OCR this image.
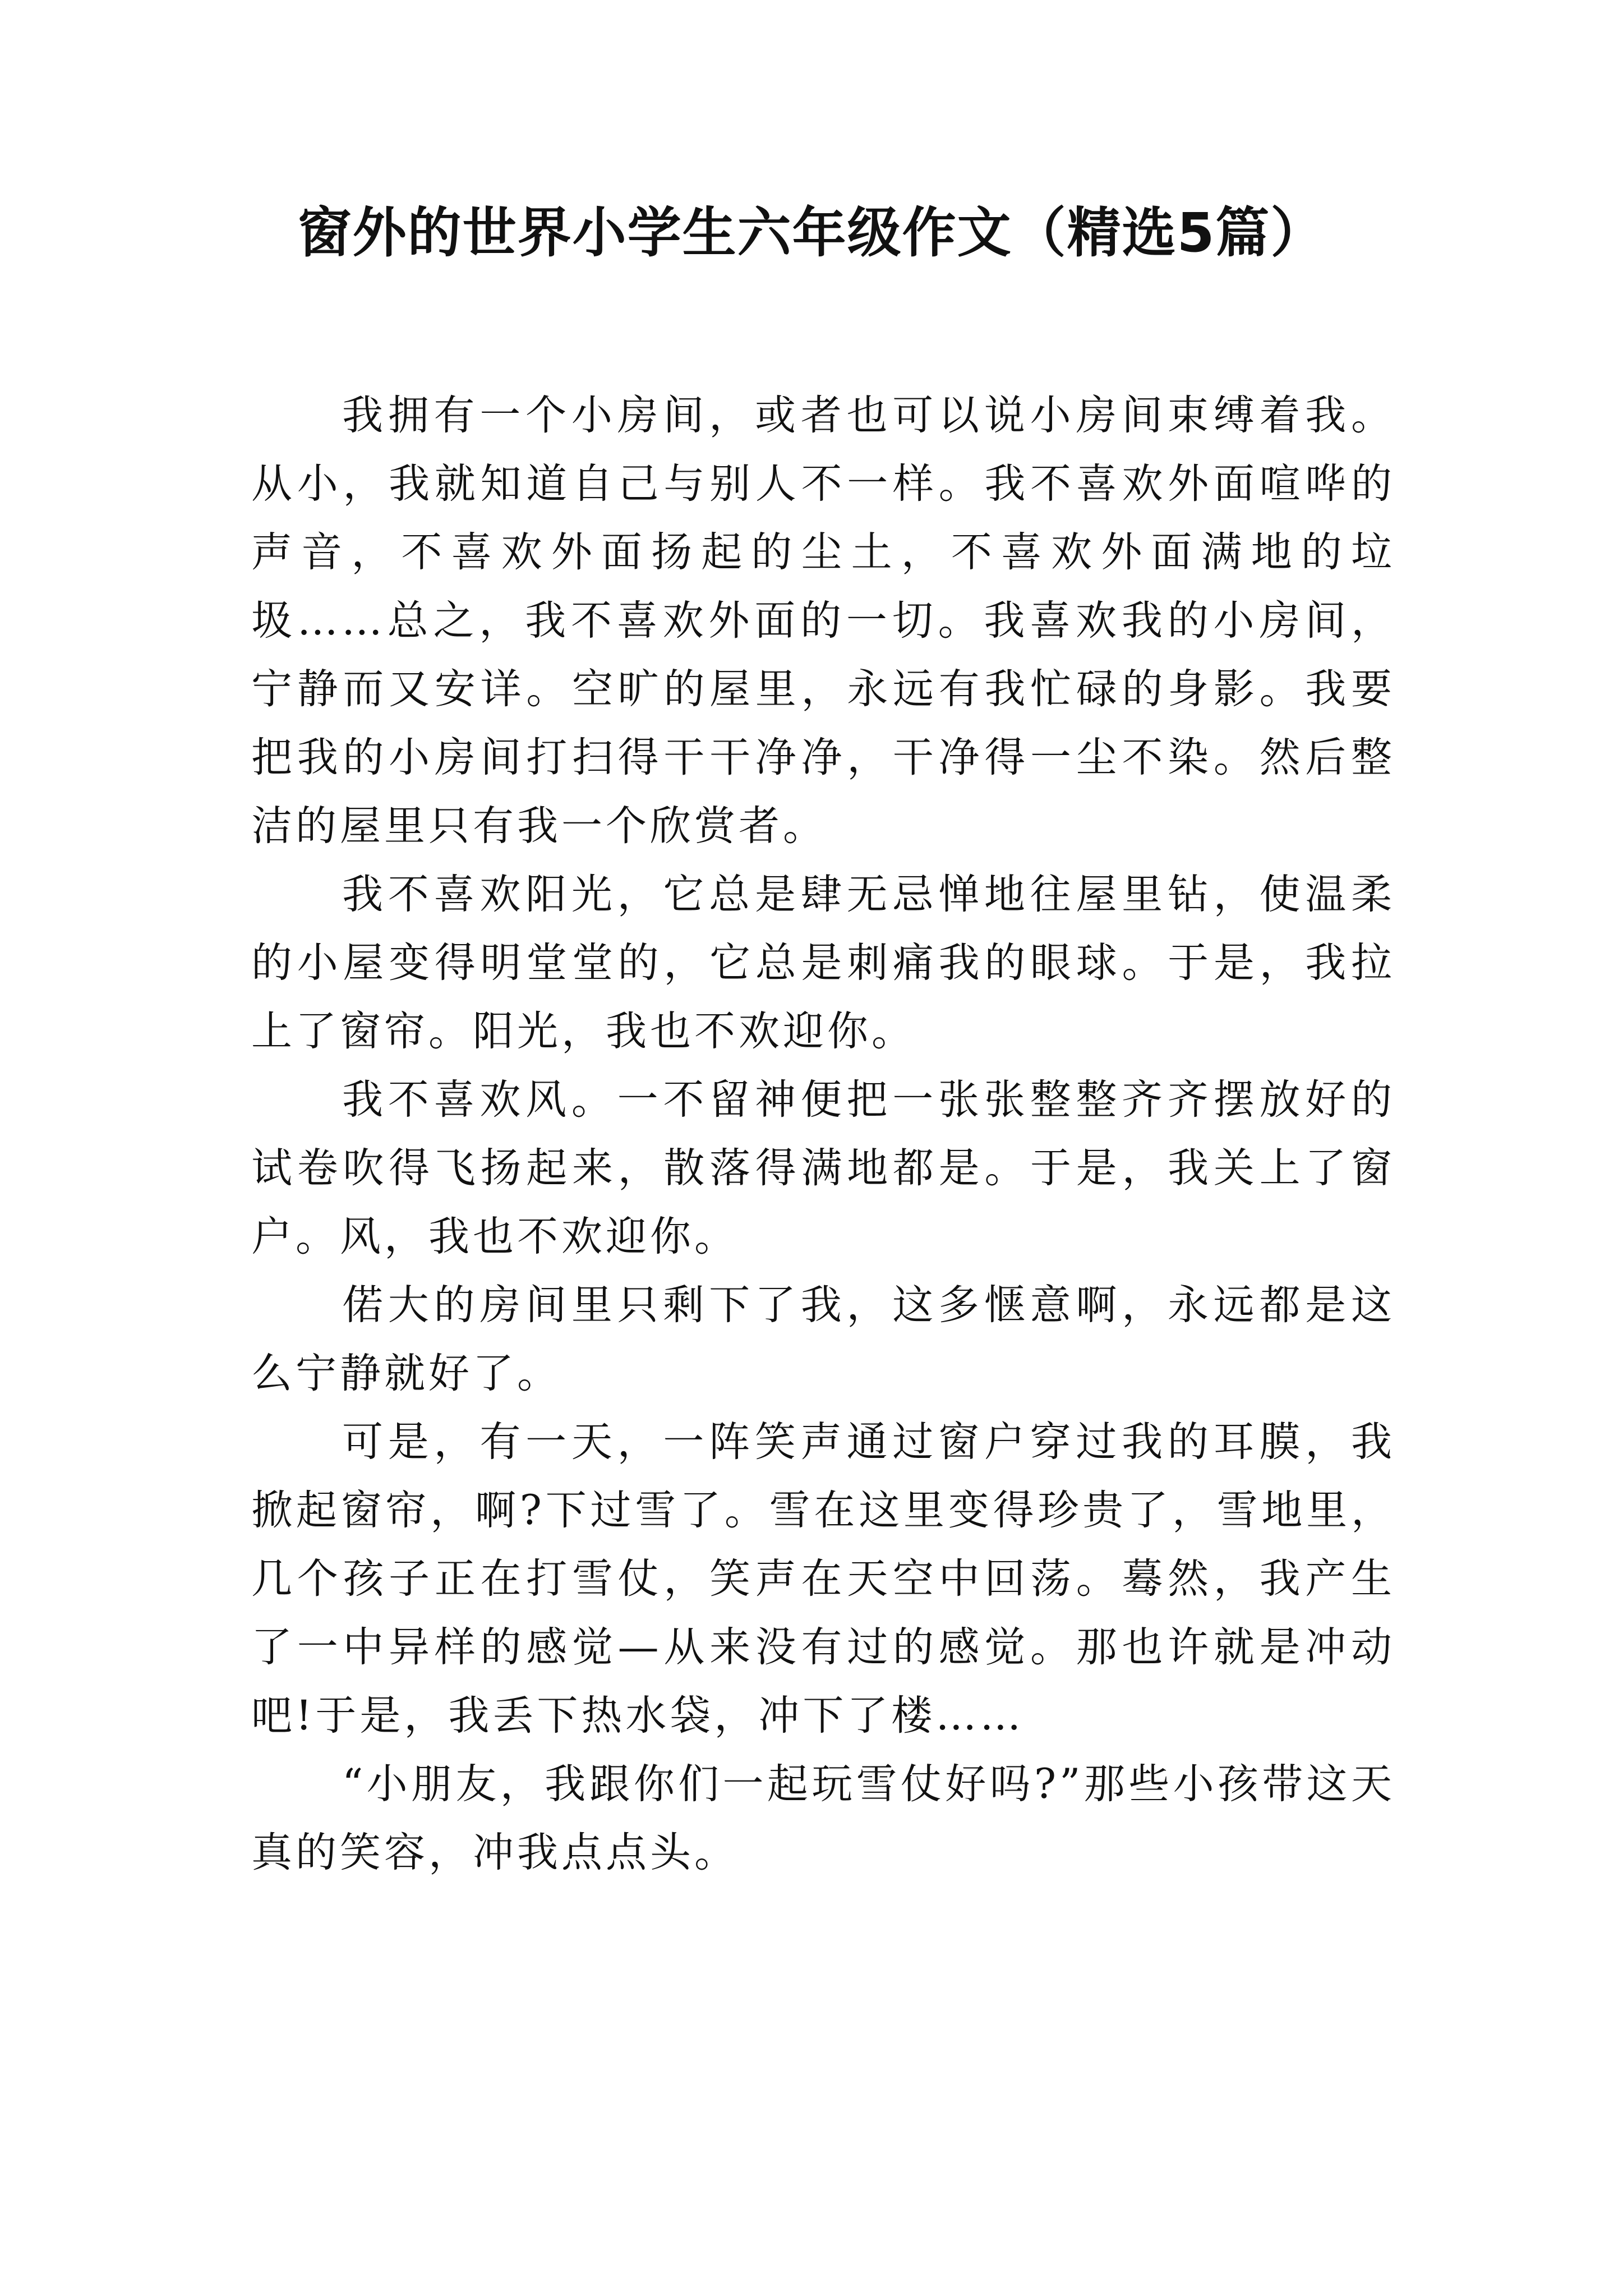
窗外的世界小学生六年级作文（精选5篇）

我拥有一个小房间，或者也可以说小房间束缚着我。从小，我就知道自己与别人不一样。我不喜欢外面喧哗的声音，不喜欢外面扬起的尘土，不喜欢外面满地的垃圾……总之，我不喜欢外面的一切。我喜欢我的小房间，宁静而又安详。空旷的屋里，永远有我忙碌的身影。我要把我的小房间打扫得干干净净，干净得一尘不染。然后整洁的屋里只有我一个欣赏者。

我不喜欢阳光，它总是肆无忌惮地往屋里钻，使温柔的小屋变得明堂堂的，它总是刺痛我的眼球。于是，我拉上了窗帘。阳光，我也不欢迎你。

我不喜欢风。一不留神便把一张张整整齐齐摆放好的试卷吹得飞扬起来，散落得满地都是。于是，我关上了窗户。风，我也不欢迎你。

偌大的房间里只剩下了我，这多惬意啊，永远都是这么宁静就好了。

可是，有一天，一阵笑声通过窗户穿过我的耳膜，我掀起窗帘，啊?下过雪了。雪在这里变得珍贵了，雪地里，几个孩子正在打雪仗，笑声在天空中回荡。蓦然，我产生了一中异样的感觉—从来没有过的感觉。那也许就是冲动吧!于是，我丢下热水袋，冲下了楼……

“小朋友，我跟你们一起玩雪仗好吗?”那些小孩带这天真的笑容，冲我点点头。
